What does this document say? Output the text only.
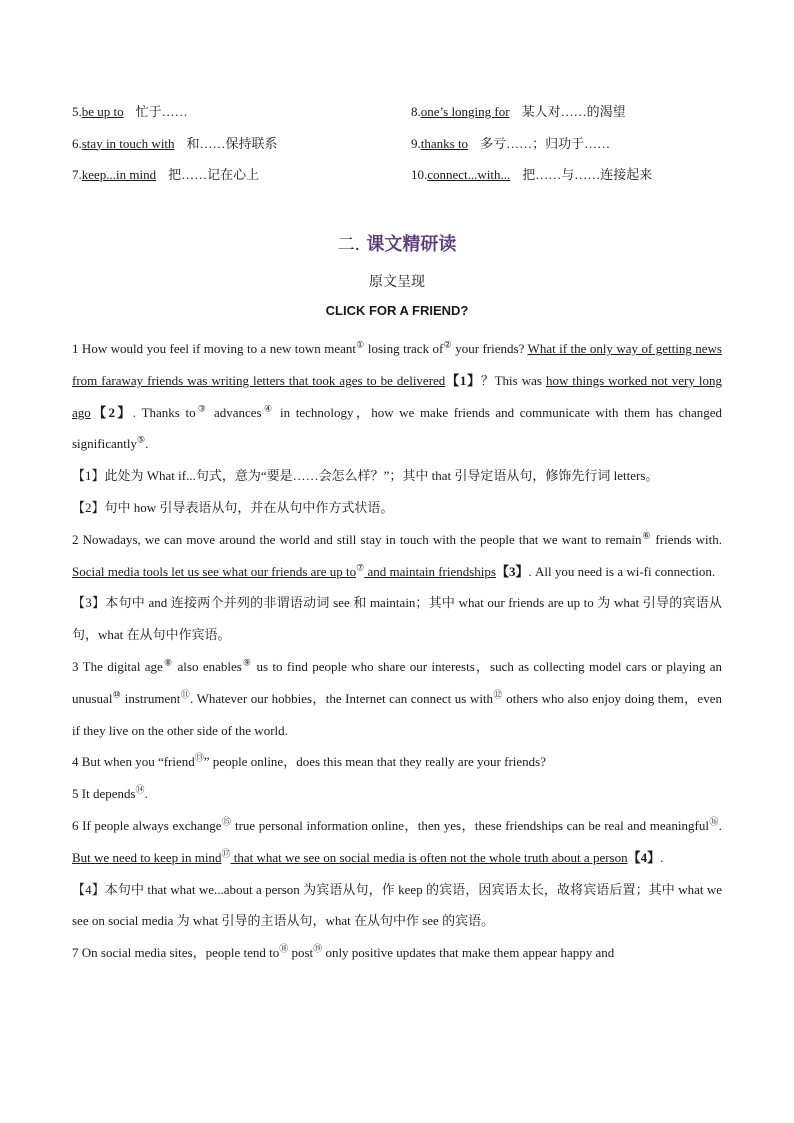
5.be up to 忙于……	8.one’s longing for 某人对……的渴望
6.stay in touch with 和……保持联系	9.thanks to 多亏……；归功于……
7.keep...in mind 把……记在心上	10.connect...with... 把……与……连接起来
二. 课文精研读
原文呈现
CLICK FOR A FRIEND?
1 How would you feel if moving to a new town meant① losing track of② your friends? What if the only way of getting news from faraway friends was writing letters that took ages to be delivered【1】？This was how things worked not very long ago【2】. Thanks to③ advances④ in technology，how we make friends and communicate with them has changed significantly⑤.
【1】此处为 What if...句式，意为“要是……会怎么样？”；其中 that 引导定语从句，修饰先行词 letters。
【2】句中 how 引导表语从句，并在从句中作方式状语。
2 Nowadays, we can move around the world and still stay in touch with the people that we want to remain⑥ friends with. Social media tools let us see what our friends are up to⑦ and maintain friendships【3】. All you need is a wi-fi connection.
【3】本句中 and 连接两个并列的非谓语动词 see 和 maintain；其中 what our friends are up to 为 what 引导的宾语从句，what 在从句中作宾语。
3 The digital age⑧ also enables⑨ us to find people who share our interests，such as collecting model cars or playing an unusual⑩ instrument⑪. Whatever our hobbies，the Internet can connect us with⑫ others who also enjoy doing them，even if they live on the other side of the world.
4 But when you “friend⑬” people online，does this mean that they really are your friends?
5 It depends⑭.
6 If people always exchange⑮ true personal information online，then yes，these friendships can be real and meaningful⑯. But we need to keep in mind⑰ that what we see on social media is often not the whole truth about a person【4】.
【4】本句中 that what we...about a person 为宾语从句，作 keep 的宾语，因宾语太长，故将宾语后置；其中 what we see on social media 为 what 引导的主语从句，what 在从句中作 see 的宾语。
7 On social media sites，people tend to⑱ post⑲ only positive updates that make them appear happy and
